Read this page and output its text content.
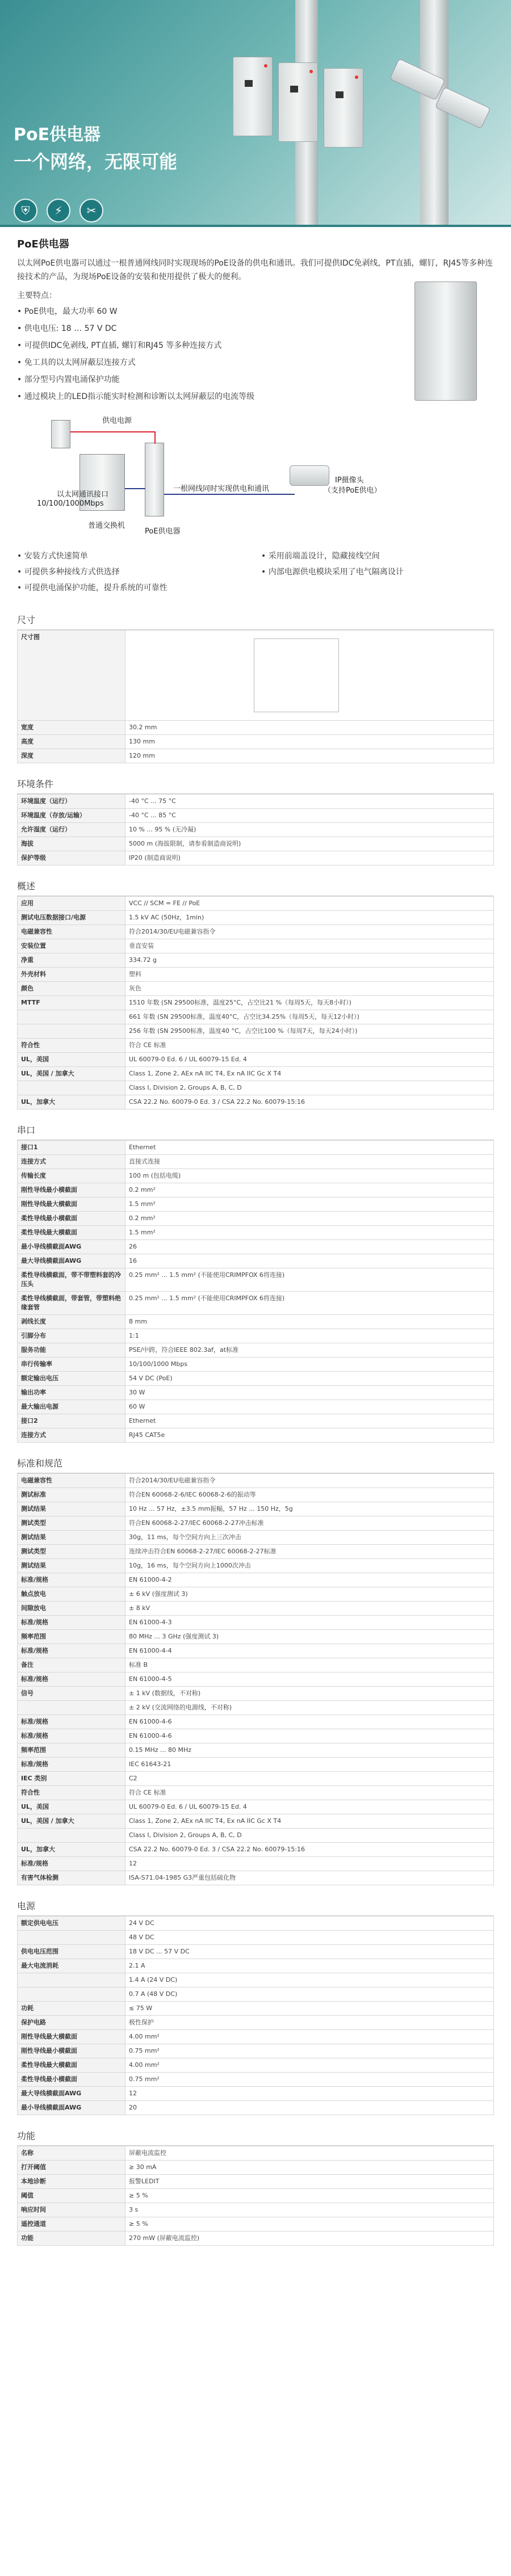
PoE供电器
一个网络，无限可能
⛨	⚡	✂
PoE供电器
以太网PoE供电器可以通过一根普通网线同时实现现场的PoE设备的供电和通讯。我们可提供IDC免剥线，PT直插，螺钉，RJ45等多种连接技术的产品，为现场PoE设备的安装和使用提供了极大的便利。
主要特点：
• PoE供电，最大功率 60 W
• 供电电压: 18 … 57 V DC
• 可提供IDC免剥线, PT直插, 螺钉和RJ45 等多种连接方式
• 免工具的以太网屏蔽层连接方式
• 部分型号内置电涌保护功能
• 通过模块上的LED指示能实时检测和诊断以太网屏蔽层的电流等级
供电电源
以太网通讯接口
10/100/1000Mbps
普通交换机
PoE供电器
一根网线同时实现供电和通讯
IP摄像头
（支持PoE供电）
• 安装方式快速简单	• 采用前端盖设计，隐藏接线空间
• 可提供多种接线方式供选择	• 内部电源供电模块采用了电气隔离设计
• 可提供电涌保护功能，提升系统的可靠性
尺寸
尺寸图	

宽度	30.2 mm
高度	130 mm
深度	120 mm
环境条件
环境温度（运行）	-40 °C ... 75 °C
环境温度（存放/运输）	-40 °C ... 85 °C
允许湿度（运行）	10 % ... 95 % (无冷凝)
海拔	5000 m (海拔限制，请参看制造商说明)
保护等级	IP20 (制造商说明)
概述
应用	VCC // SCM = FE // PoE
测试电压数据接口/电源	1.5 kV AC (50Hz，1min)
电磁兼容性	符合2014/30/EU电磁兼容指令
安装位置	垂直安装
净重	334.72 g
外壳材料	塑料
颜色	灰色
MTTF	1510 年数 (SN 29500标准，温度25°C，占空比21 %（每周5天，每天8小时）)
	661 年数 (SN 29500标准，温度40°C，占空比34.25%（每周5天，每天12小时）)
	256 年数 (SN 29500标准，温度40 °C，占空比100 %（每周7天，每天24小时）)
符合性	符合 CE 标准
UL，美国	UL 60079-0 Ed. 6 / UL 60079-15 Ed. 4
UL，美国 / 加拿大	Class 1, Zone 2, AEx nA IIC T4, Ex nA IIC Gc X T4
	Class I, Division 2, Groups A, B, C, D
UL，加拿大	CSA 22.2 No. 60079-0 Ed. 3 / CSA 22.2 No. 60079-15:16
串口
接口1	Ethernet
连接方式	直接式连接
传输长度	100 m (包括电缆)
刚性导线最小横截面	0.2 mm²
刚性导线最大横截面	1.5 mm²
柔性导线最小横截面	0.2 mm²
柔性导线最大横截面	1.5 mm²
最小导线横截面AWG	26
最大导线横截面AWG	16
柔性导线横截面，带不带塑料套的冷压头	0.25 mm² ... 1.5 mm² (不能使用CRIMPFOX 6将连接)
柔性导线横截面，带套管，带塑料绝缘套管	0.25 mm² ... 1.5 mm² (不能使用CRIMPFOX 6将连接)
剥线长度	8 mm
引脚分布	1:1
服务功能	PSE/中跨，符合IEEE 802.3af，at标准
串行传输率	10/100/1000 Mbps
额定输出电压	54 V DC (PoE)
输出功率	30 W
最大输出电源	60 W
接口2	Ethernet
连接方式	RJ45 CAT5e
标准和规范
电磁兼容性	符合2014/30/EU电磁兼容指令
测试标准	符合EN 60068-2-6/IEC 60068-2-6的振动等
测试结果	10 Hz ... 57 Hz，±3.5 mm振幅，57 Hz ... 150 Hz，5g
测试类型	符合EN 60068-2-27/IEC 60068-2-27冲击标准
测试结果	30g，11 ms，每个空间方向上三次冲击
测试类型	连续冲击符合EN 60068-2-27/IEC 60068-2-27标准
测试结果	10g，16 ms，每个空间方向上1000次冲击
标准/规格	EN 61000-4-2
触点放电	± 6 kV (强度测试 3)
间隙放电	± 8 kV
标准/规格	EN 61000-4-3
频率范围	80 MHz ... 3 GHz (强度测试 3)
标准/规格	EN 61000-4-4
备注	标准 B
标准/规格	EN 61000-4-5
信号	± 1 kV (数据线，不对称)
	± 2 kV (交流网络的电源线，不对称)
标准/规格	EN 61000-4-6
标准/规格	EN 61000-4-6
频率范围	0.15 MHz ... 80 MHz
标准/规格	IEC 61643-21
IEC 类别	C2
符合性	符合 CE 标准
UL，美国	UL 60079-0 Ed. 6 / UL 60079-15 Ed. 4
UL，美国 / 加拿大	Class 1, Zone 2, AEx nA IIC T4, Ex nA IIC Gc X T4
	Class I, Division 2, Groups A, B, C, D
UL，加拿大	CSA 22.2 No. 60079-0 Ed. 3 / CSA 22.2 No. 60079-15:16
标准/规格	12
有害气体检测	ISA-S71.04-1985 G3严重包括硫化物
电源
额定供电电压	24 V DC
	48 V DC
供电电压范围	18 V DC ... 57 V DC
最大电流消耗	2.1 A
	1.4 A (24 V DC)
	0.7 A (48 V DC)
功耗	≤ 75 W
保护电路	极性保护
刚性导线最大横截面	4.00 mm²
刚性导线最小横截面	0.75 mm²
柔性导线最大横截面	4.00 mm²
柔性导线最小横截面	0.75 mm²
最大导线横截面AWG	12
最小导线横截面AWG	20
功能
名称	屏蔽电流监控
打开阈值	≥ 30 mA
本地诊断	报警LEDIT
阈值	≥ 5 %
响应时间	3 s
遥控通道	≥ 5 %
功能	270 mW (屏蔽电流监控)
